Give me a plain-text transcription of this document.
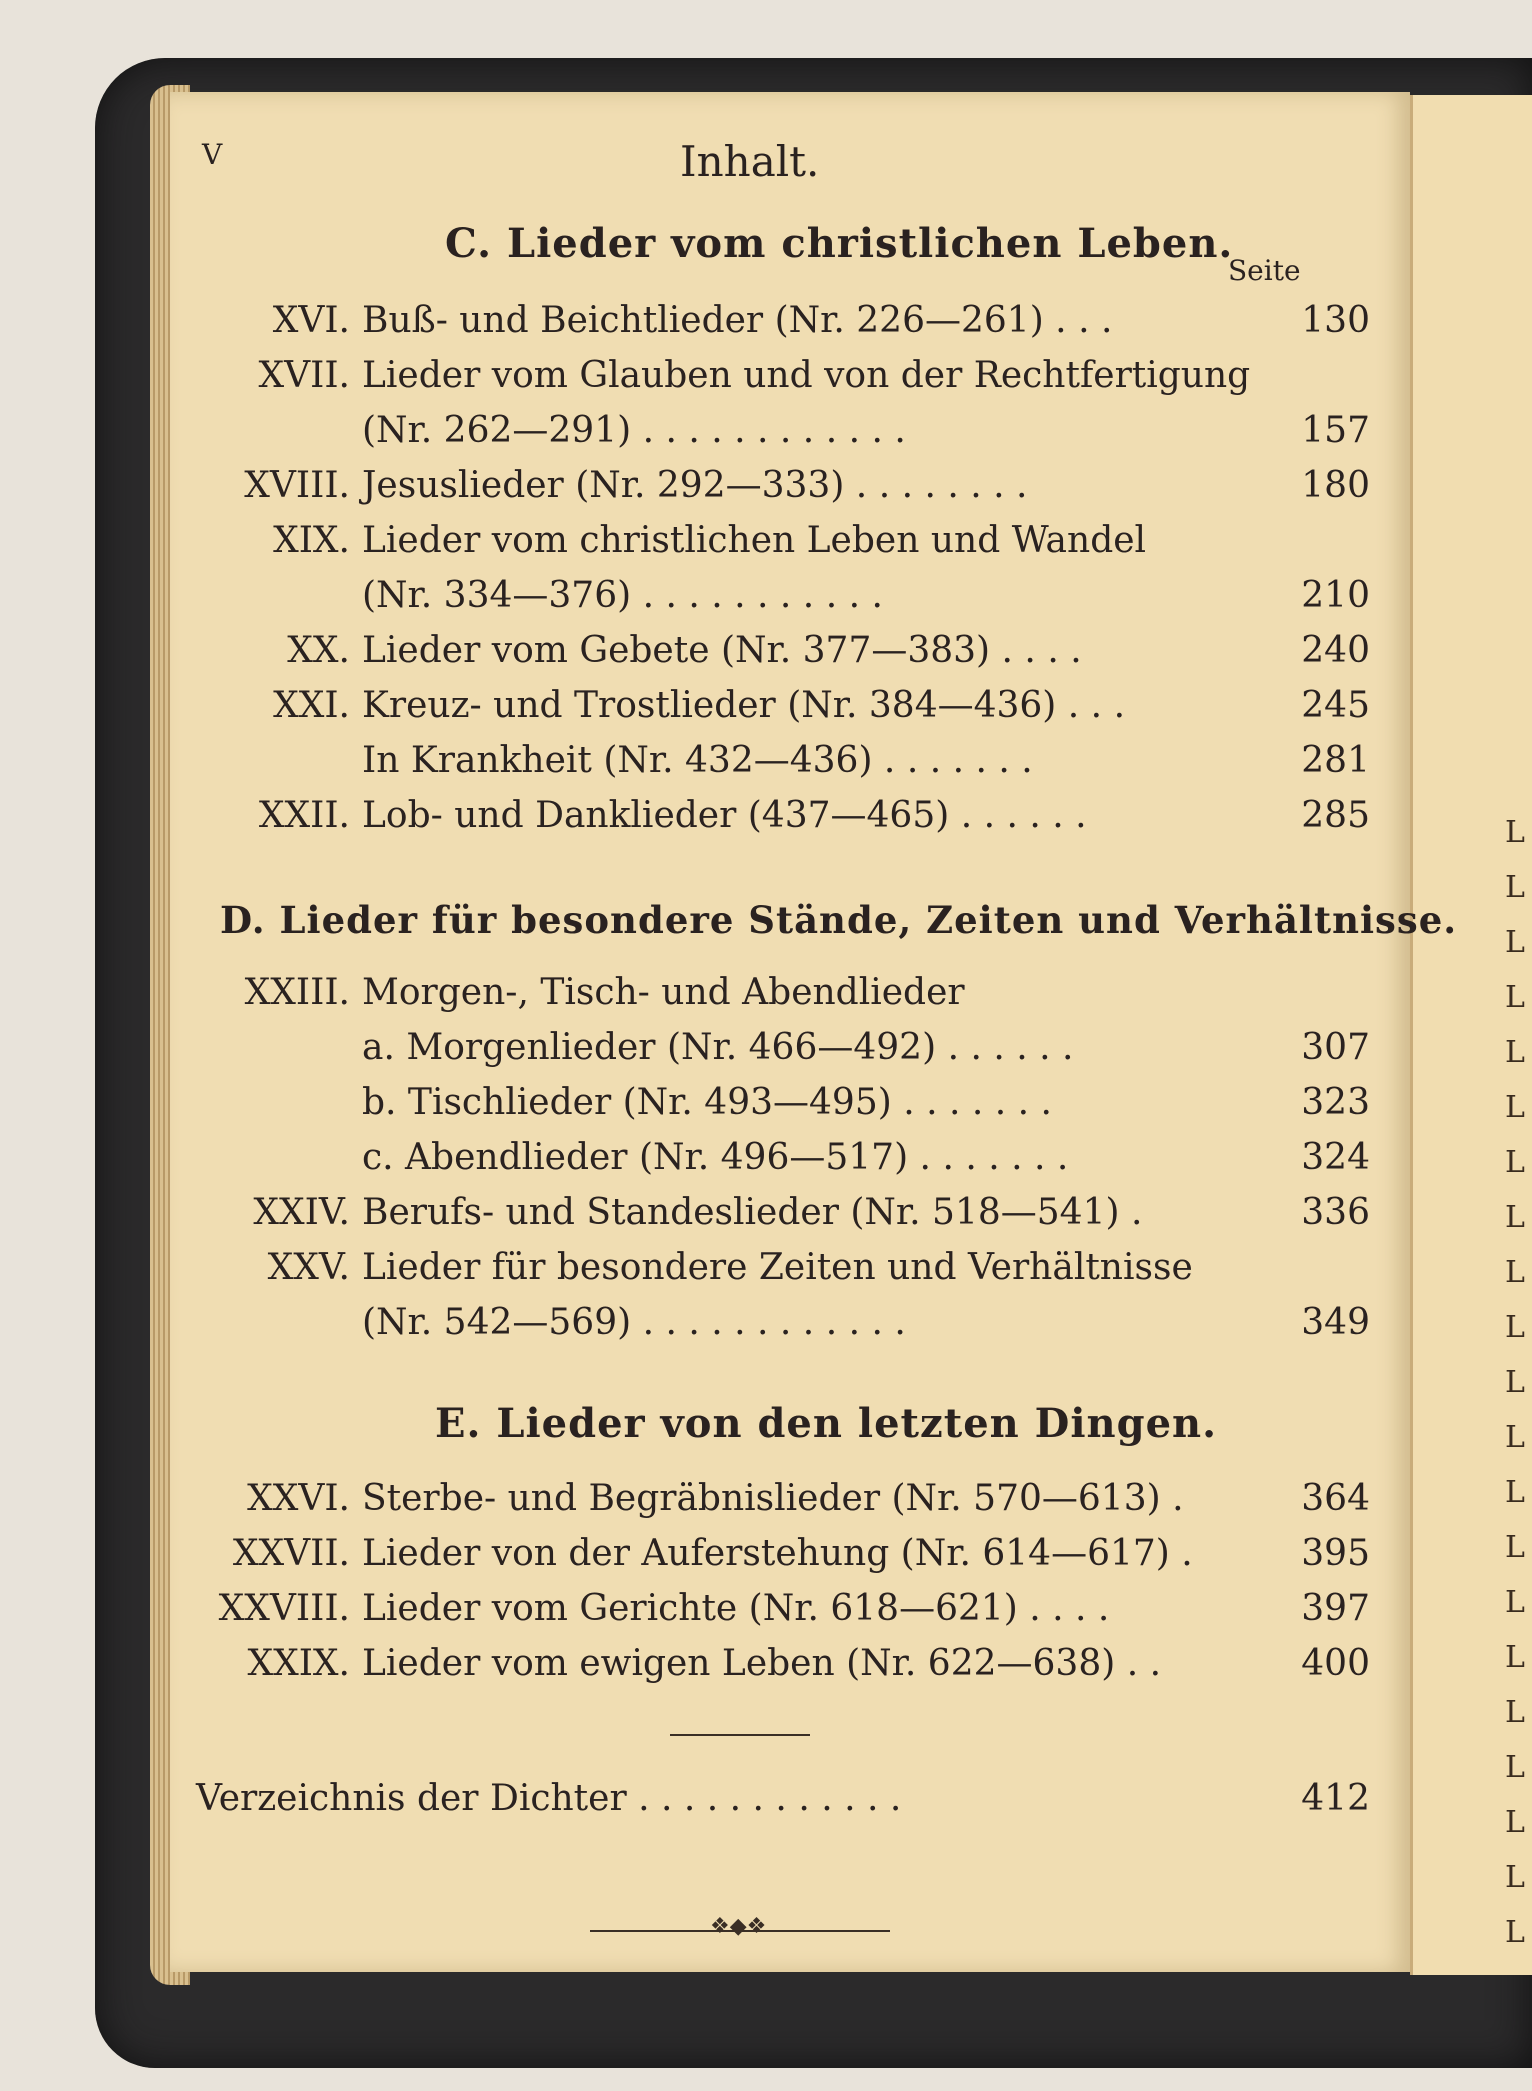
L
L
L
L
L
L
L
L
L
L
L
L
L
L
L
L
L
L
L
L
L
V	Inhalt.
C. Lieder vom christlichen Leben.
Seite
XVI. Buß- und Beichtlieder (Nr. 226—261) . . .	130
XVII. Lieder vom Glauben und von der Rechtfertigung
(Nr. 262—291) . . . . . . . . . . . .	157
XVIII. Jesuslieder (Nr. 292—333) . . . . . . . .	180
XIX. Lieder vom christlichen Leben und Wandel
(Nr. 334—376) . . . . . . . . . . .	210
XX. Lieder vom Gebete (Nr. 377—383) . . . .	240
XXI. Kreuz- und Trostlieder (Nr. 384—436) . . .	245
In Krankheit (Nr. 432—436) . . . . . . .	281
XXII. Lob- und Danklieder (437—465) . . . . . .	285
D. Lieder für besondere Stände, Zeiten und Verhältnisse.
XXIII. Morgen-, Tisch- und Abendlieder
a. Morgenlieder (Nr. 466—492) . . . . . .	307
b. Tischlieder (Nr. 493—495) . . . . . . .	323
c. Abendlieder (Nr. 496—517) . . . . . . .	324
XXIV. Berufs- und Standeslieder (Nr. 518—541) .	336
XXV. Lieder für besondere Zeiten und Verhältnisse
(Nr. 542—569) . . . . . . . . . . . .	349
E. Lieder von den letzten Dingen.
XXVI. Sterbe- und Begräbnislieder (Nr. 570—613) .	364
XXVII. Lieder von der Auferstehung (Nr. 614—617) .	395
XXVIII. Lieder vom Gerichte (Nr. 618—621) . . . .	397
XXIX. Lieder vom ewigen Leben (Nr. 622—638) . .	400
Verzeichnis der Dichter . . . . . . . . . . . .	412
❖◆❖
